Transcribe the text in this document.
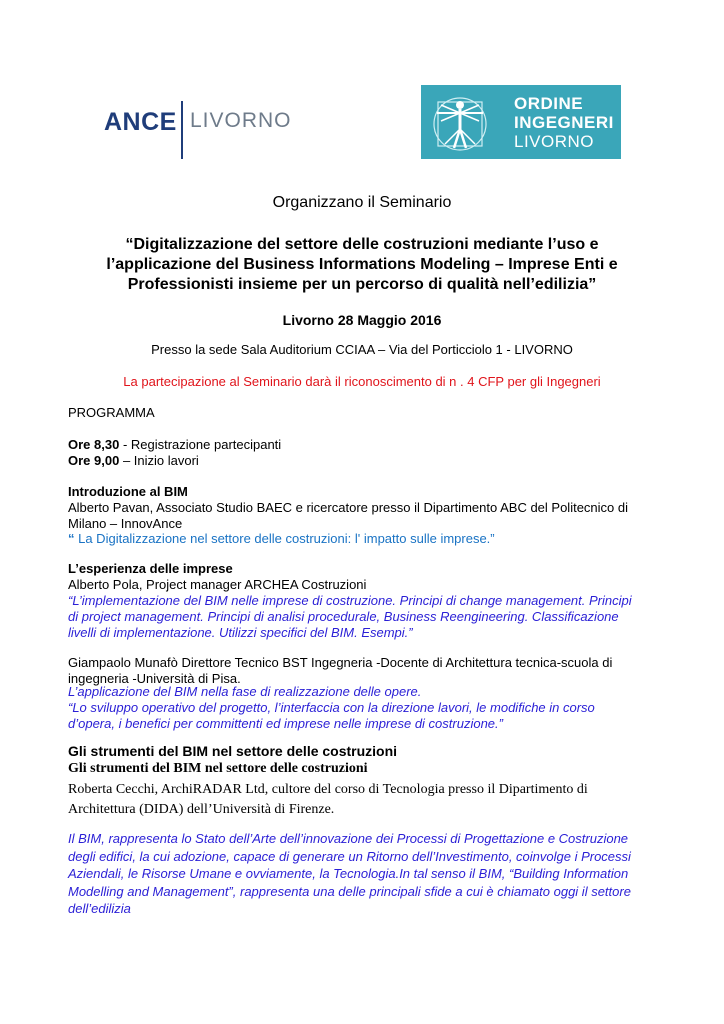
ANCE LIVORNO
ORDINE
INGEGNERI
LIVORNO
Organizzano il Seminario
“Digitalizzazione del settore delle costruzioni mediante l’uso e
l’applicazione del Business Informations Modeling – Imprese Enti e
Professionisti insieme per un percorso di qualità nell’edilizia”
Livorno 28 Maggio 2016
Presso la sede Sala Auditorium CCIAA – Via del Porticciolo 1 - LIVORNO
La partecipazione al Seminario darà il riconoscimento di n . 4 CFP per gli Ingegneri
PROGRAMMA
Ore 8,30 - Registrazione partecipanti
Ore 9,00 – Inizio lavori
Introduzione al BIM
Alberto Pavan, Associato Studio BAEC e ricercatore presso il Dipartimento ABC del Politecnico di
Milano – InnovAnce
“ La Digitalizzazione nel settore delle costruzioni: l' impatto sulle imprese.”
L’esperienza delle imprese
Alberto Pola, Project manager ARCHEA Costruzioni
“L’implementazione del BIM nelle imprese di costruzione. Principi di change management. Principi
di project management. Principi di analisi procedurale, Business Reengineering. Classificazione
livelli di implementazione. Utilizzi specifici del BIM. Esempi.”
Giampaolo Munafò Direttore Tecnico BST Ingegneria -Docente di Architettura tecnica-scuola di
ingegneria -Università di Pisa.
L’applicazione del BIM nella fase di realizzazione delle opere.
“Lo sviluppo operativo del progetto, l’interfaccia con la direzione lavori, le modifiche in corso
d’opera, i benefici per committenti ed imprese nelle imprese di costruzione.”
Gli strumenti del BIM nel settore delle costruzioni
Gli strumenti del BIM nel settore delle costruzioni
Roberta Cecchi, ArchiRADAR Ltd, cultore del corso di Tecnologia presso il Dipartimento di
Architettura (DIDA) dell’Università di Firenze.
Il BIM, rappresenta lo Stato dell’Arte dell’innovazione dei Processi di Progettazione e Costruzione
degli edifici, la cui adozione, capace di generare un Ritorno dell’Investimento, coinvolge i Processi
Aziendali, le Risorse Umane e ovviamente, la Tecnologia.In tal senso il BIM, “Building Information
Modelling and Management”, rappresenta una delle principali sfide a cui è chiamato oggi il settore
dell’edilizia
